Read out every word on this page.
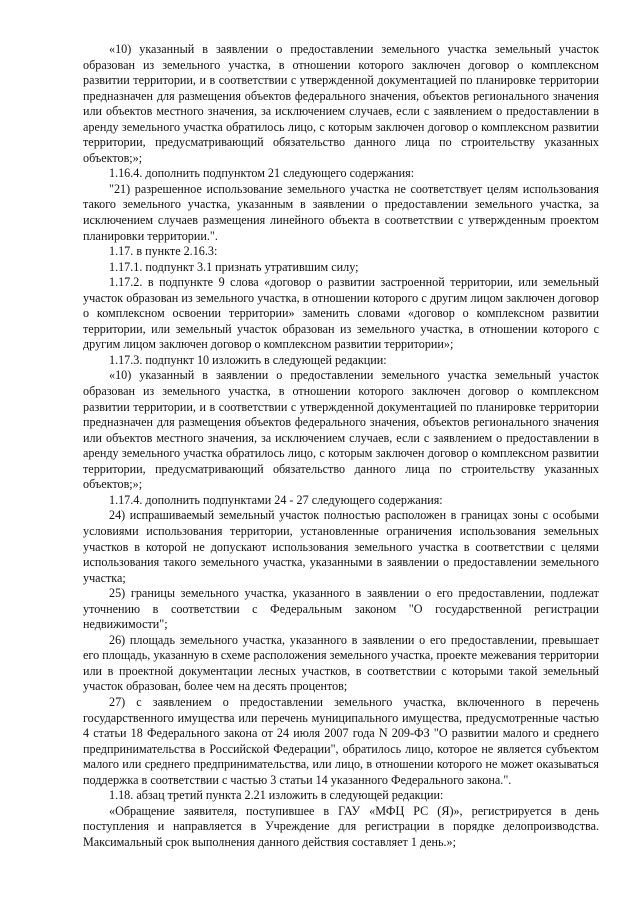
«10) указанный в заявлении о предоставлении земельного участка земельный участок образован из земельного участка, в отношении которого заключен договор о комплексном развитии территории, и в соответствии с утвержденной документацией по планировке территории предназначен для размещения объектов федерального значения, объектов регионального значения или объектов местного значения, за исключением случаев, если с заявлением о предоставлении в аренду земельного участка обратилось лицо, с которым заключен договор о комплексном развитии территории, предусматривающий обязательство данного лица по строительству указанных объектов;»;

1.16.4. дополнить подпунктом 21 следующего содержания:

"21) разрешенное использование земельного участка не соответствует целям использования такого земельного участка, указанным в заявлении о предоставлении земельного участка, за исключением случаев размещения линейного объекта в соответствии с утвержденным проектом планировки территории.".

1.17. в пункте 2.16.3:

1.17.1. подпункт 3.1 признать утратившим силу;

1.17.2. в подпункте 9 слова «договор о развитии застроенной территории, или земельный участок образован из земельного участка, в отношении которого с другим лицом заключен договор о комплексном освоении территории» заменить словами «договор о комплексном развитии территории, или земельный участок образован из земельного участка, в отношении которого с другим лицом заключен договор о комплексном развитии территории»;

1.17.3. подпункт 10 изложить в следующей редакции:

«10) указанный в заявлении о предоставлении земельного участка земельный участок образован из земельного участка, в отношении которого заключен договор о комплексном развитии территории, и в соответствии с утвержденной документацией по планировке территории предназначен для размещения объектов федерального значения, объектов регионального значения или объектов местного значения, за исключением случаев, если с заявлением о предоставлении в аренду земельного участка обратилось лицо, с которым заключен договор о комплексном развитии территории, предусматривающий обязательство данного лица по строительству указанных объектов;»;

1.17.4. дополнить подпунктами 24 - 27 следующего содержания:

24) испрашиваемый земельный участок полностью расположен в границах зоны с особыми условиями использования территории, установленные ограничения использования земельных участков в которой не допускают использования земельного участка в соответствии с целями использования такого земельного участка, указанными в заявлении о предоставлении земельного участка;

25) границы земельного участка, указанного в заявлении о его предоставлении, подлежат уточнению в соответствии с Федеральным законом "О государственной регистрации недвижимости";

26) площадь земельного участка, указанного в заявлении о его предоставлении, превышает его площадь, указанную в схеме расположения земельного участка, проекте межевания территории или в проектной документации лесных участков, в соответствии с которыми такой земельный участок образован, более чем на десять процентов;

27) с заявлением о предоставлении земельного участка, включенного в перечень государственного имущества или перечень муниципального имущества, предусмотренные частью 4 статьи 18 Федерального закона от 24 июля 2007 года N 209-ФЗ "О развитии малого и среднего предпринимательства в Российской Федерации", обратилось лицо, которое не является субъектом малого или среднего предпринимательства, или лицо, в отношении которого не может оказываться поддержка в соответствии с частью 3 статьи 14 указанного Федерального закона.".

1.18. абзац третий пункта 2.21 изложить в следующей редакции:

«Обращение заявителя, поступившее в ГАУ «МФЦ РС (Я)», регистрируется в день поступления и направляется в Учреждение для регистрации в порядке делопроизводства. Максимальный срок выполнения данного действия составляет 1 день.»;
